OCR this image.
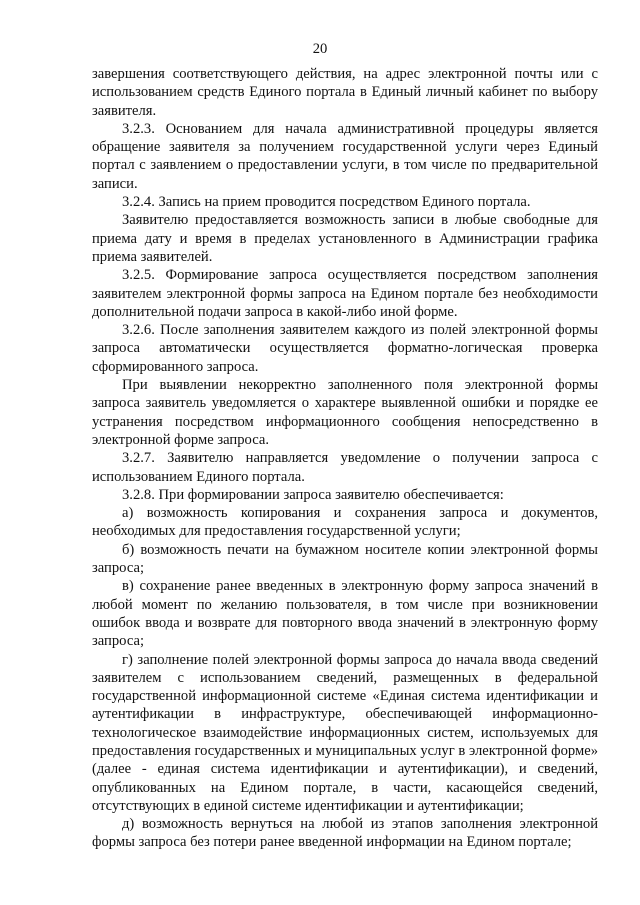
20

завершения соответствующего действия, на адрес электронной почты или с использованием средств Единого портала в Единый личный кабинет по выбору заявителя.

3.2.3. Основанием для начала административной процедуры является обращение заявителя за получением государственной услуги через Единый портал с заявлением о предоставлении услуги, в том числе по предварительной записи.

3.2.4. Запись на прием проводится посредством Единого портала.

Заявителю предоставляется возможность записи в любые свободные для приема дату и время в пределах установленного в Администрации графика приема заявителей.

3.2.5. Формирование запроса осуществляется посредством заполнения заявителем электронной формы запроса на Едином портале без необходимости дополнительной подачи запроса в какой-либо иной форме.

3.2.6. После заполнения заявителем каждого из полей электронной формы запроса автоматически осуществляется форматно-логическая проверка сформированного запроса.

При выявлении некорректно заполненного поля электронной формы запроса заявитель уведомляется о характере выявленной ошибки и порядке ее устранения посредством информационного сообщения непосредственно в электронной форме запроса.

3.2.7. Заявителю направляется уведомление о получении запроса с использованием Единого портала.

3.2.8. При формировании запроса заявителю обеспечивается:

а) возможность копирования и сохранения запроса и документов, необходимых для предоставления государственной услуги;

б) возможность печати на бумажном носителе копии электронной формы запроса;

в) сохранение ранее введенных в электронную форму запроса значений в любой момент по желанию пользователя, в том числе при возникновении ошибок ввода и возврате для повторного ввода значений в электронную форму запроса;

г) заполнение полей электронной формы запроса до начала ввода сведений заявителем с использованием сведений, размещенных в федеральной государственной информационной системе «Единая система идентификации и аутентификации в инфраструктуре, обеспечивающей информационно-технологическое взаимодействие информационных систем, используемых для предоставления государственных и муниципальных услуг в электронной форме» (далее - единая система идентификации и аутентификации), и сведений, опубликованных на Едином портале, в части, касающейся сведений, отсутствующих в единой системе идентификации и аутентификации;

д) возможность вернуться на любой из этапов заполнения электронной формы запроса без потери ранее введенной информации на Едином портале;
